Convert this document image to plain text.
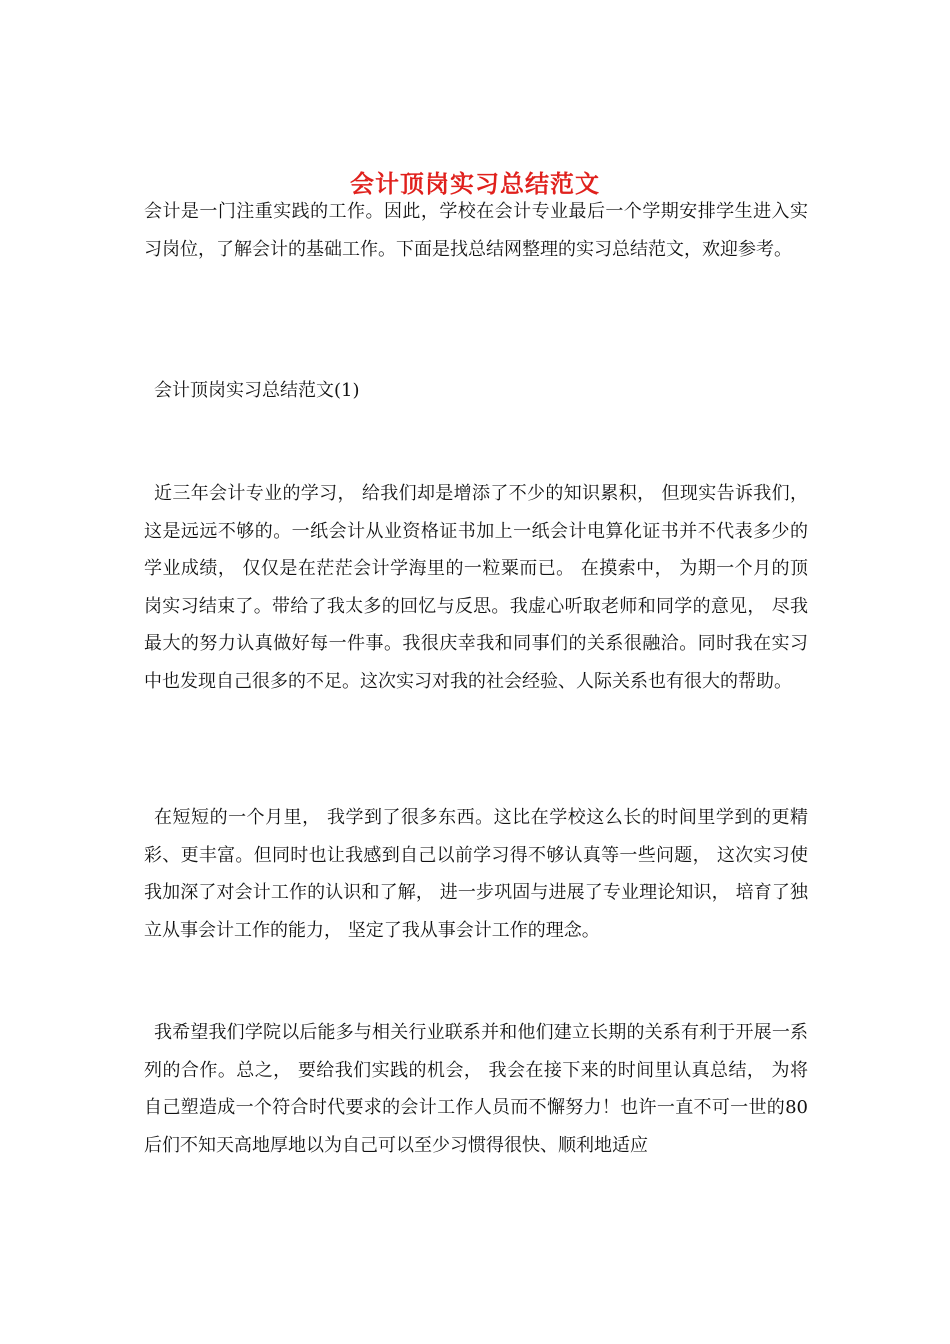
会计顶岗实习总结范文

会计是一门注重实践的工作。因此，学校在会计专业最后一个学期安排学生进入实习岗位，了解会计的基础工作。下面是找总结网整理的实习总结范文，欢迎参考。

会计顶岗实习总结范文(1)

近三年会计专业的学习， 给我们却是增添了不少的知识累积， 但现实告诉我们， 这是远远不够的。一纸会计从业资格证书加上一纸会计电算化证书并不代表多少的学业成绩， 仅仅是在茫茫会计学海里的一粒粟而已。 在摸索中， 为期一个月的顶岗实习结束了。带给了我太多的回忆与反思。我虚心听取老师和同学的意见， 尽我最大的努力认真做好每一件事。我很庆幸我和同事们的关系很融洽。同时我在实习中也发现自己很多的不足。这次实习对我的社会经验、人际关系也有很大的帮助。

在短短的一个月里， 我学到了很多东西。这比在学校这么长的时间里学到的更精彩、更丰富。但同时也让我感到自己以前学习得不够认真等一些问题， 这次实习使我加深了对会计工作的认识和了解， 进一步巩固与进展了专业理论知识， 培育了独立从事会计工作的能力， 坚定了我从事会计工作的理念。

我希望我们学院以后能多与相关行业联系并和他们建立长期的关系有利于开展一系列的合作。总之， 要给我们实践的机会， 我会在接下来的时间里认真总结， 为将自己塑造成一个符合时代要求的会计工作人员而不懈努力！也许一直不可一世的80后们不知天高地厚地以为自己可以至少习惯得很快、顺利地适应
